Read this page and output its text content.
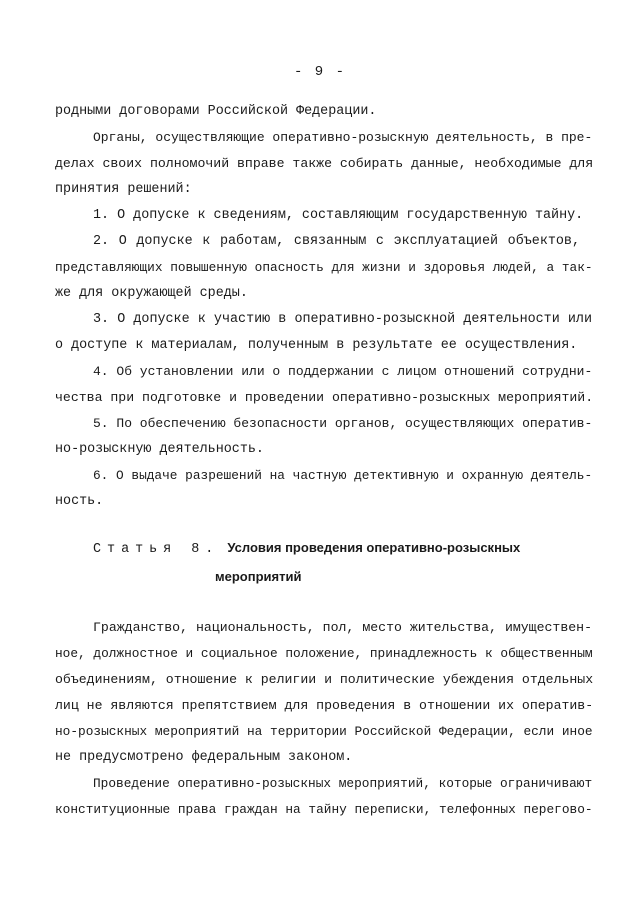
- 9 -
родными договорами Российской Федерации.
Органы, осуществляющие оперативно-розыскную деятельность, в пре-
делах своих полномочий вправе также собирать данные, необходимые для
принятия решений:
1. О допуске к сведениям, составляющим государственную тайну.
2. О допуске к работам, связанным с эксплуатацией объектов,
представляющих повышенную опасность для жизни и здоровья людей, а так-
же для окружающей среды.
3. О допуске к участию в оперативно-розыскной деятельности или
о доступе к материалам, полученным в результате ее осуществления.
4. Об установлении или о поддержании с лицом отношений сотрудни-
чества при подготовке и проведении оперативно-розыскных мероприятий.
5. По обеспечению безопасности органов, осуществляющих оператив-
но-розыскную деятельность.
6. О выдаче разрешений на частную детективную и охранную деятель-
ность.
Статья 8. Условия проведения оперативно-розыскных
мероприятий
Гражданство, национальность, пол, место жительства, имуществен-
ное, должностное и социальное положение, принадлежность к общественным
объединениям, отношение к религии и политические убеждения отдельных
лиц не являются препятствием для проведения в отношении их оператив-
но-розыскных мероприятий на территории Российской Федерации, если иное
не предусмотрено федеральным законом.
Проведение оперативно-розыскных мероприятий, которые ограничивают
конституционные права граждан на тайну переписки, телефонных перегово-
